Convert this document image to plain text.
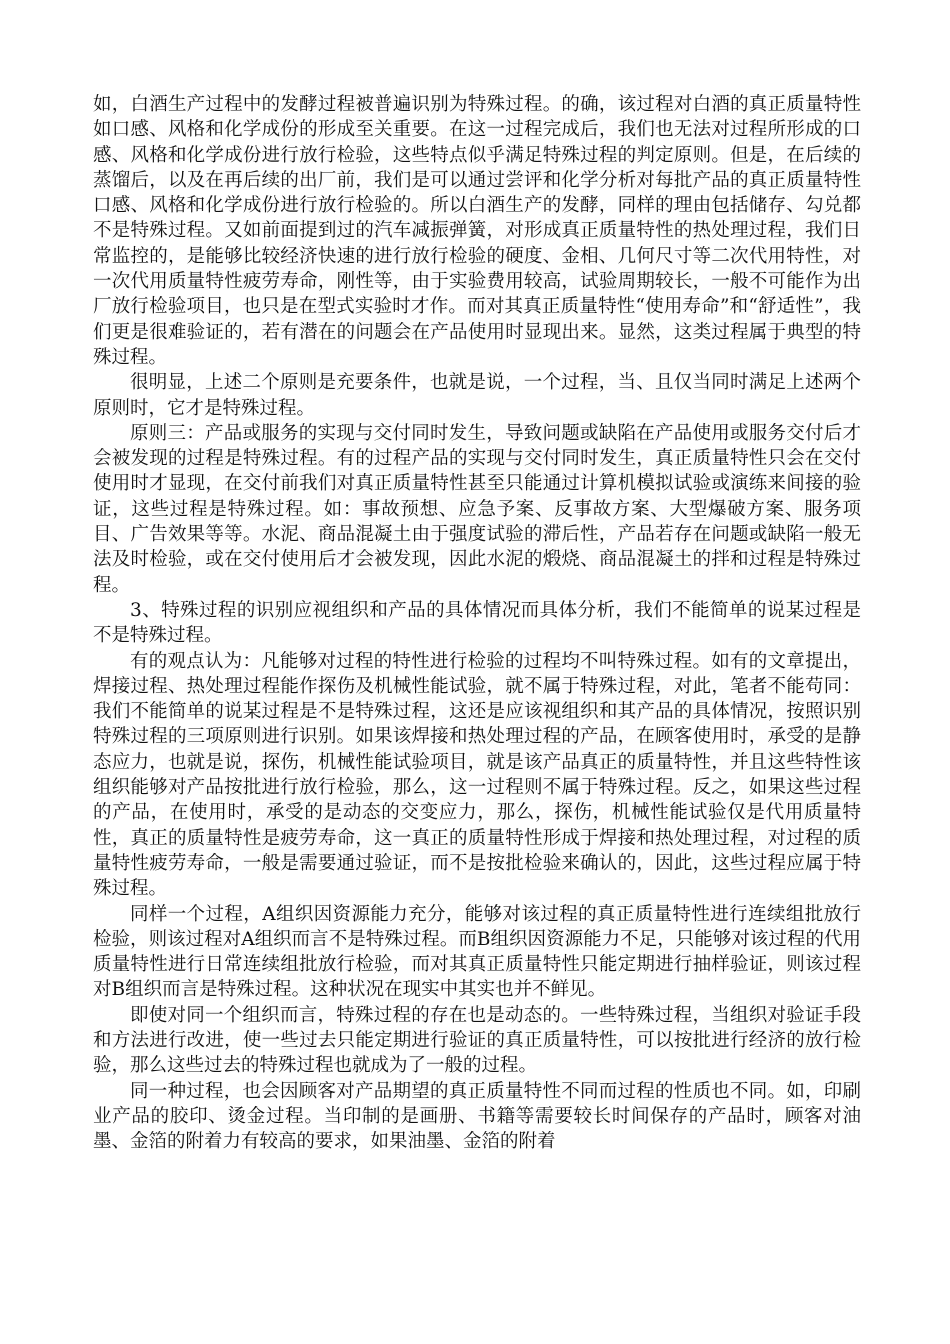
如，白酒生产过程中的发酵过程被普遍识别为特殊过程。的确，该过程对白酒的真正质量特性如口感、风格和化学成份的形成至关重要。在这一过程完成后，我们也无法对过程所形成的口感、风格和化学成份进行放行检验，这些特点似乎满足特殊过程的判定原则。但是，在后续的蒸馏后，以及在再后续的出厂前，我们是可以通过尝评和化学分析对每批产品的真正质量特性口感、风格和化学成份进行放行检验的。所以白酒生产的发酵，同样的理由包括储存、勾兑都不是特殊过程。又如前面提到过的汽车减振弹簧，对形成真正质量特性的热处理过程，我们日常监控的，是能够比较经济快速的进行放行检验的硬度、金相、几何尺寸等二次代用特性，对一次代用质量特性疲劳寿命，刚性等，由于实验费用较高，试验周期较长，一般不可能作为出厂放行检验项目，也只是在型式实验时才作。而对其真正质量特性“使用寿命”和“舒适性”，我们更是很难验证的，若有潜在的问题会在产品使用时显现出来。显然，这类过程属于典型的特殊过程。

很明显，上述二个原则是充要条件，也就是说，一个过程，当、且仅当同时满足上述两个原则时，它才是特殊过程。

原则三：产品或服务的实现与交付同时发生，导致问题或缺陷在产品使用或服务交付后才会被发现的过程是特殊过程。有的过程产品的实现与交付同时发生，真正质量特性只会在交付使用时才显现，在交付前我们对真正质量特性甚至只能通过计算机模拟试验或演练来间接的验证，这些过程是特殊过程。如：事故预想、应急予案、反事故方案、大型爆破方案、服务项目、广告效果等等。水泥、商品混凝土由于强度试验的滞后性，产品若存在问题或缺陷一般无法及时检验，或在交付使用后才会被发现，因此水泥的煅烧、商品混凝土的拌和过程是特殊过程。

3、特殊过程的识别应视组织和产品的具体情况而具体分析，我们不能简单的说某过程是不是特殊过程。

有的观点认为：凡能够对过程的特性进行检验的过程均不叫特殊过程。如有的文章提出，焊接过程、热处理过程能作探伤及机械性能试验，就不属于特殊过程，对此，笔者不能苟同：我们不能简单的说某过程是不是特殊过程，这还是应该视组织和其产品的具体情况，按照识别特殊过程的三项原则进行识别。如果该焊接和热处理过程的产品，在顾客使用时，承受的是静态应力，也就是说，探伤，机械性能试验项目，就是该产品真正的质量特性，并且这些特性该组织能够对产品按批进行放行检验，那么，这一过程则不属于特殊过程。反之，如果这些过程的产品，在使用时，承受的是动态的交变应力，那么，探伤，机械性能试验仅是代用质量特性，真正的质量特性是疲劳寿命，这一真正的质量特性形成于焊接和热处理过程，对过程的质量特性疲劳寿命，一般是需要通过验证，而不是按批检验来确认的，因此，这些过程应属于特殊过程。

同样一个过程，A组织因资源能力充分，能够对该过程的真正质量特性进行连续组批放行检验，则该过程对A组织而言不是特殊过程。而B组织因资源能力不足，只能够对该过程的代用质量特性进行日常连续组批放行检验，而对其真正质量特性只能定期进行抽样验证，则该过程对B组织而言是特殊过程。这种状况在现实中其实也并不鲜见。

即使对同一个组织而言，特殊过程的存在也是动态的。一些特殊过程，当组织对验证手段和方法进行改进，使一些过去只能定期进行验证的真正质量特性，可以按批进行经济的放行检验，那么这些过去的特殊过程也就成为了一般的过程。

同一种过程，也会因顾客对产品期望的真正质量特性不同而过程的性质也不同。如，印刷业产品的胶印、烫金过程。当印制的是画册、书籍等需要较长时间保存的产品时，顾客对油墨、金箔的附着力有较高的要求，如果油墨、金箔的附着
